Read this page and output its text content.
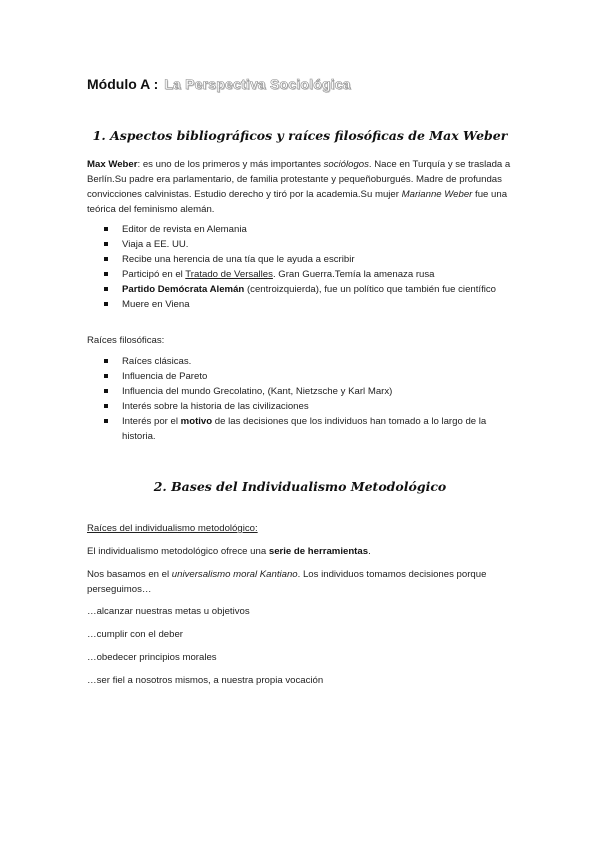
Módulo A : La Perspectiva Sociológica
1. Aspectos bibliográficos y raíces filosóficas de Max Weber
Max Weber: es uno de los primeros y más importantes sociólogos. Nace en Turquía y se traslada a Berlín.Su padre era parlamentario, de familia protestante y pequeñoburgués. Madre de profundas convicciones calvinistas. Estudio derecho y tiró por la academia.Su mujer Marianne Weber fue una teórica del feminismo alemán.
Editor de revista en Alemania
Viaja a EE. UU.
Recibe una herencia de una tía que le ayuda a escribir
Participó en el Tratado de Versalles. Gran Guerra.Temía la amenaza rusa
Partido Demócrata Alemán (centroizquierda), fue un político que también fue científico
Muere en Viena
Raíces filosóficas:
Raíces clásicas.
Influencia de Pareto
Influencia del mundo Grecolatino, (Kant, Nietzsche y Karl Marx)
Interés sobre la historia de las civilizaciones
Interés por el motivo de las decisiones que los individuos han tomado a lo largo de la historia.
2. Bases del Individualismo Metodológico
Raíces del individualismo metodológico:
El individualismo metodológico ofrece una serie de herramientas.
Nos basamos en el universalismo moral Kantiano. Los individuos tomamos decisiones porque perseguimos…
…alcanzar nuestras metas u objetivos
…cumplir con el deber
…obedecer principios morales
…ser fiel a nosotros mismos, a nuestra propia vocación
